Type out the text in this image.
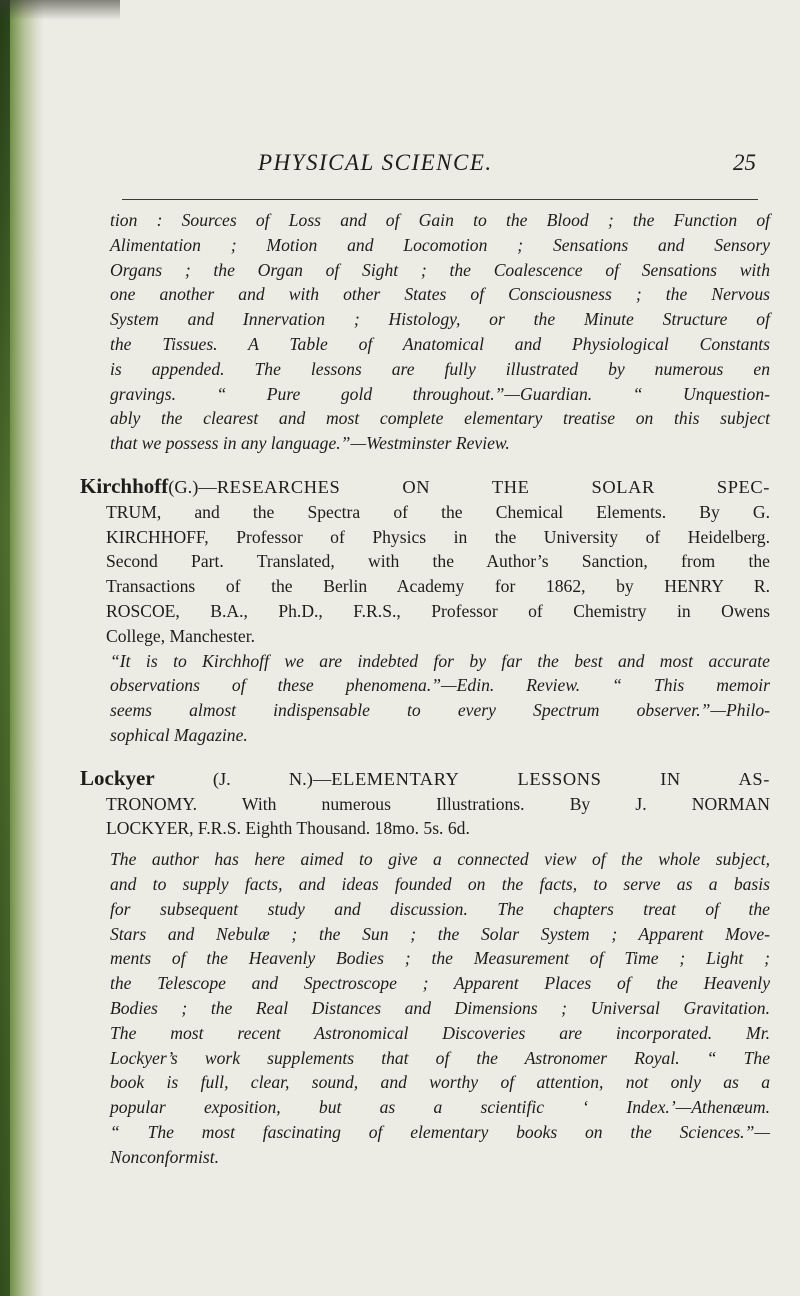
PHYSICAL SCIENCE.	25
tion : Sources of Loss and of Gain to the Blood ; the Function of
Alimentation ; Motion and Locomotion ; Sensations and Sensory
Organs ; the Organ of Sight ; the Coalescence of Sensations with
one another and with other States of Consciousness ; the Nervous
System and Innervation ; Histology, or the Minute Structure of
the Tissues. A Table of Anatomical and Physiological Constants
is appended. The lessons are fully illustrated by numerous en
gravings. “ Pure gold throughout.”—Guardian. “ Unquestion-
ably the clearest and most complete elementary treatise on this subject
that we possess in any language.”—Westminster Review.
Kirchhoff(G.)—RESEARCHES ON THE SOLAR SPEC-
TRUM, and the Spectra of the Chemical Elements. By G.
KIRCHHOFF, Professor of Physics in the University of Heidelberg.
Second Part. Translated, with the Author’s Sanction, from the
Transactions of the Berlin Academy for 1862, by HENRY R.
ROSCOE, B.A., Ph.D., F.R.S., Professor of Chemistry in Owens
College, Manchester.
“It is to Kirchhoff we are indebted for by far the best and most accurate
observations of these phenomena.”—Edin. Review. “ This memoir
seems almost indispensable to every Spectrum observer.”—Philo-
sophical Magazine.
Lockyer	(J. N.)—ELEMENTARY LESSONS IN AS-
TRONOMY. With numerous Illustrations. By J. NORMAN
LOCKYER, F.R.S. Eighth Thousand. 18mo. 5s. 6d.
The author has here aimed to give a connected view of the whole subject,
and to supply facts, and ideas founded on the facts, to serve as a basis
for subsequent study and discussion. The chapters treat of the
Stars and Nebulæ ; the Sun ; the Solar System ; Apparent Move-
ments of the Heavenly Bodies ; the Measurement of Time ; Light ;
the Telescope and Spectroscope ; Apparent Places of the Heavenly
Bodies ; the Real Distances and Dimensions ; Universal Gravitation.
The most recent Astronomical Discoveries are incorporated. Mr.
Lockyer’s work supplements that of the Astronomer Royal. “ The
book is full, clear, sound, and worthy of attention, not only as a
popular exposition, but as a scientific ‘ Index.’—Athenæum.
“ The most fascinating of elementary books on the Sciences.”—
Nonconformist.
